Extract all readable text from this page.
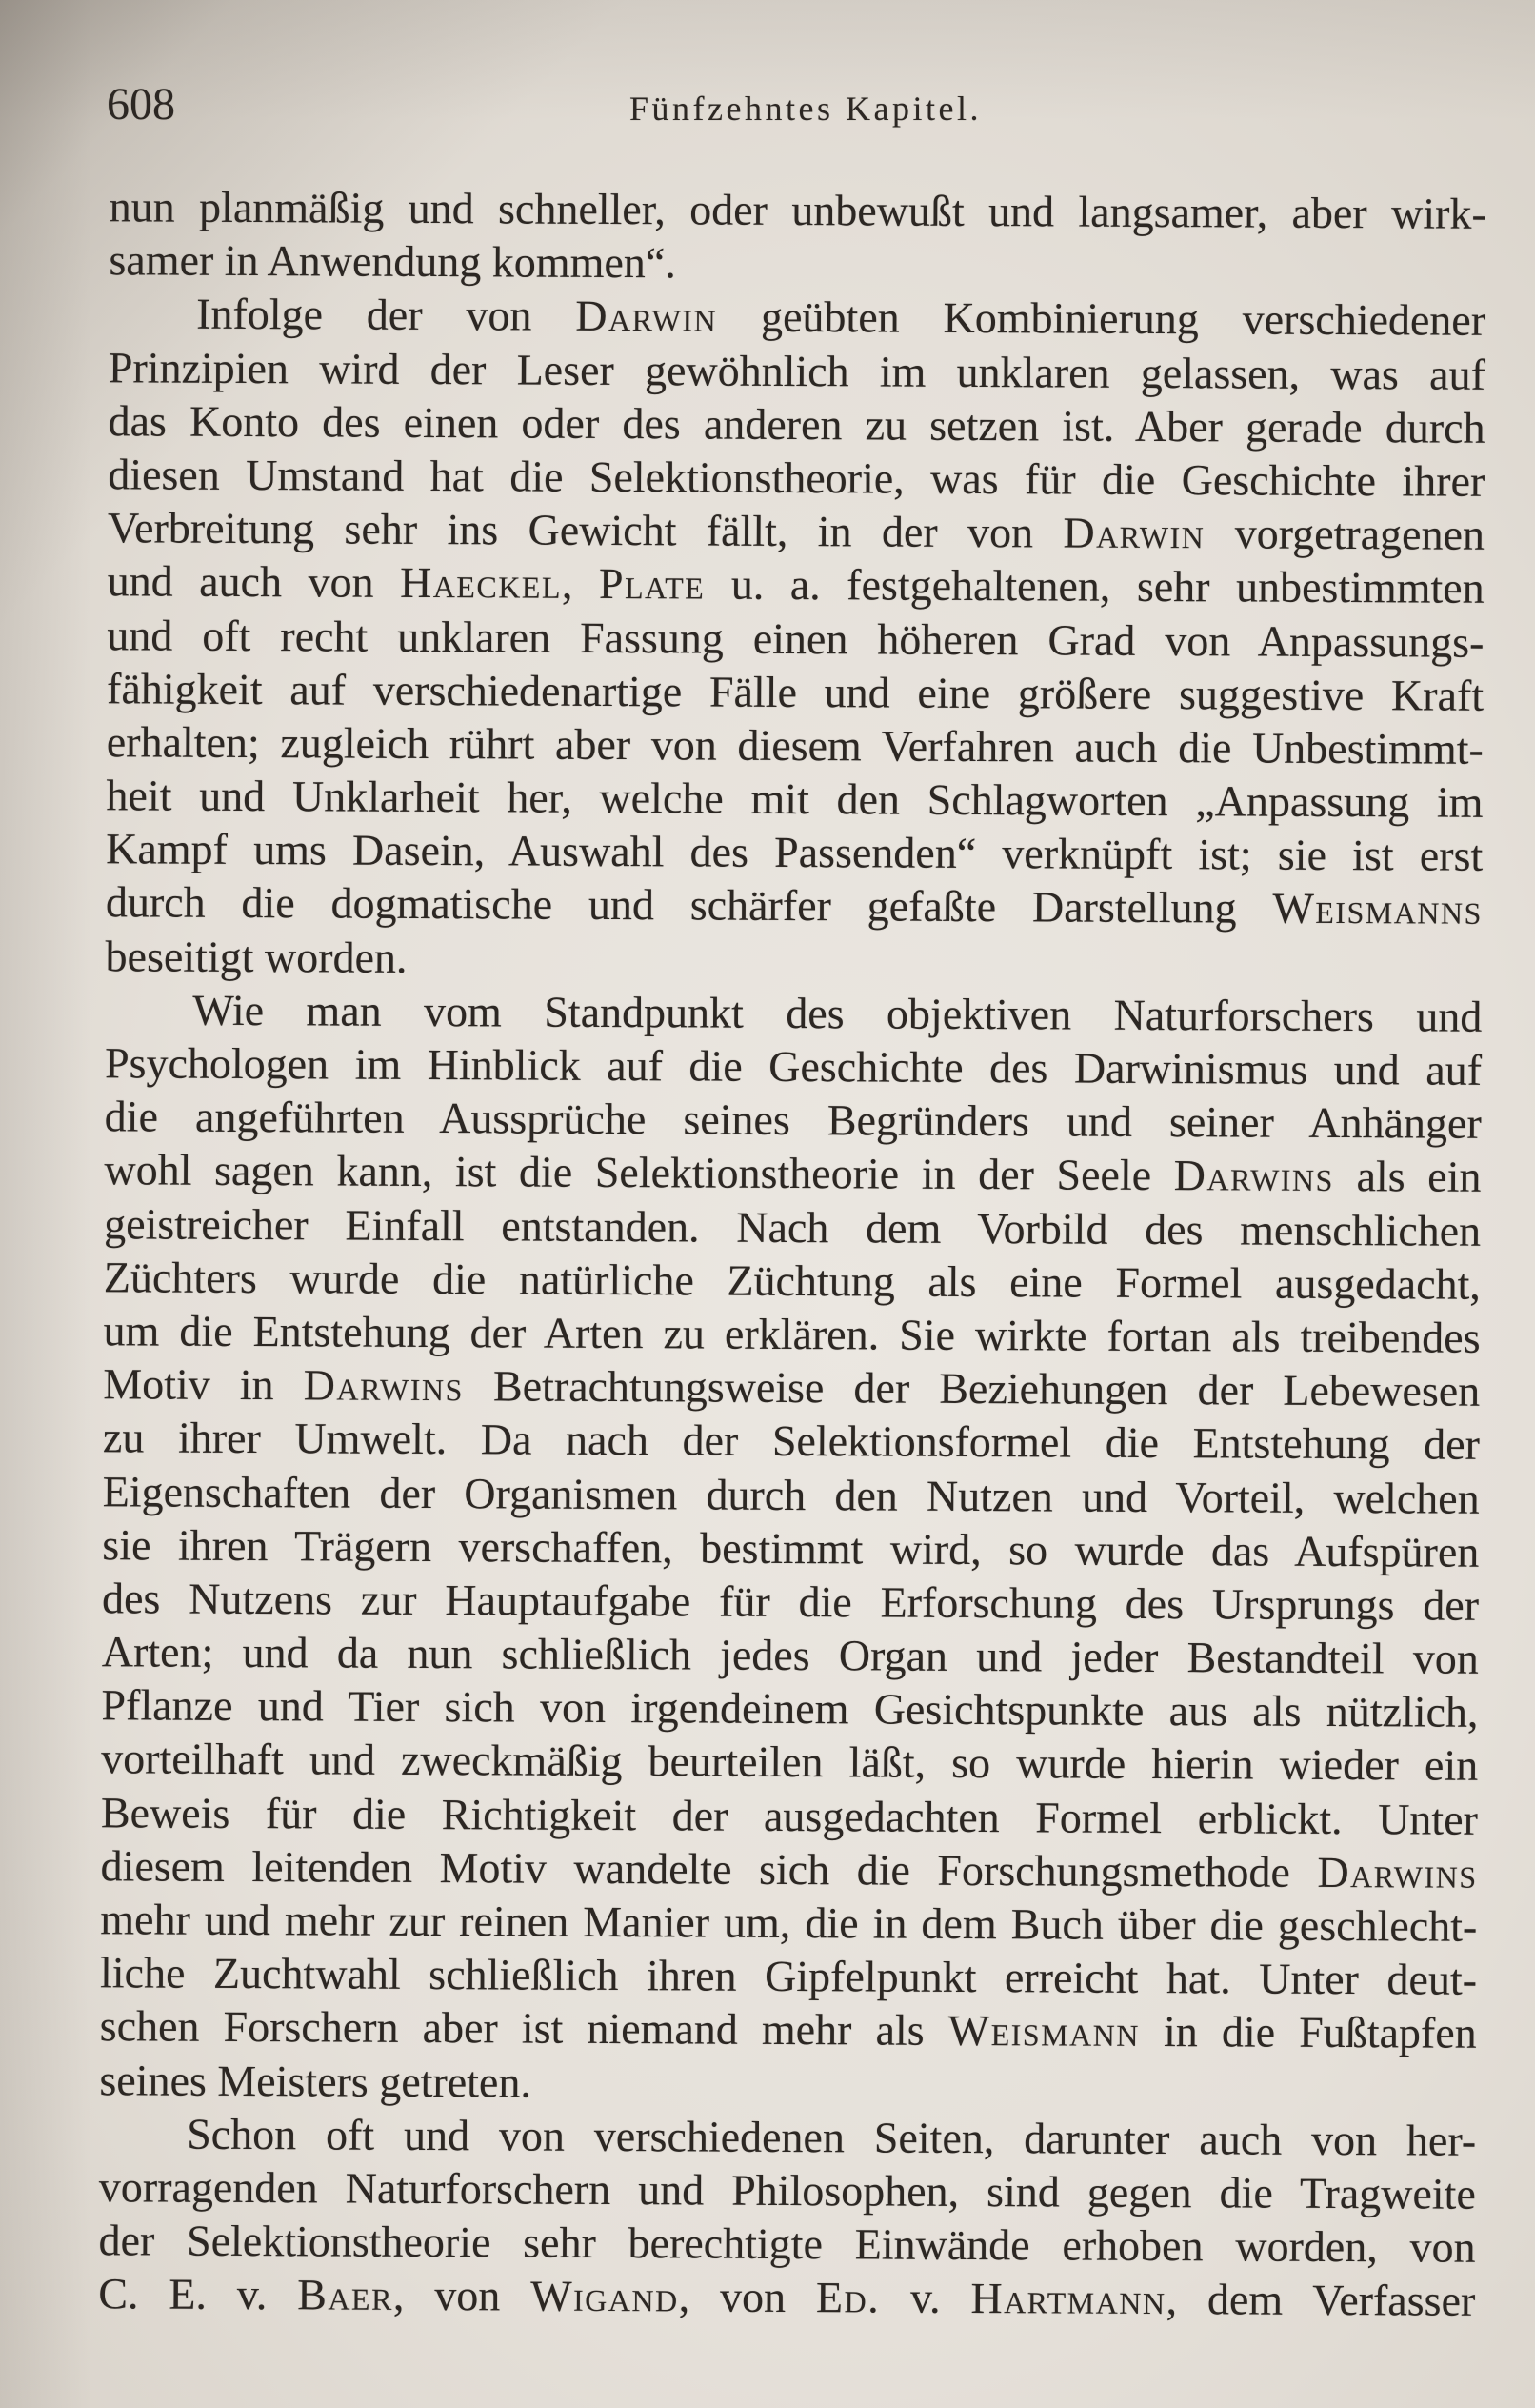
608	Fünfzehntes Kapitel.
nun planmäßig und schneller, oder unbewußt und langsamer, aber wirk-
samer in Anwendung kommen“.
Infolge der von Darwin geübten Kombinierung verschiedener
Prinzipien wird der Leser gewöhnlich im unklaren gelassen, was auf
das Konto des einen oder des anderen zu setzen ist. Aber gerade durch
diesen Umstand hat die Selektionstheorie, was für die Geschichte ihrer
Verbreitung sehr ins Gewicht fällt, in der von Darwin vorgetragenen
und auch von Haeckel, Plate u. a. festgehaltenen, sehr unbestimmten
und oft recht unklaren Fassung einen höheren Grad von Anpassungs-
fähigkeit auf verschiedenartige Fälle und eine größere suggestive Kraft
erhalten; zugleich rührt aber von diesem Verfahren auch die Unbestimmt-
heit und Unklarheit her, welche mit den Schlagworten „Anpassung im
Kampf ums Dasein, Auswahl des Passenden“ verknüpft ist; sie ist erst
durch die dogmatische und schärfer gefaßte Darstellung Weismanns
beseitigt worden.
Wie man vom Standpunkt des objektiven Naturforschers und
Psychologen im Hinblick auf die Geschichte des Darwinismus und auf
die angeführten Aussprüche seines Begründers und seiner Anhänger
wohl sagen kann, ist die Selektionstheorie in der Seele Darwins als ein
geistreicher Einfall entstanden. Nach dem Vorbild des menschlichen
Züchters wurde die natürliche Züchtung als eine Formel ausgedacht,
um die Entstehung der Arten zu erklären. Sie wirkte fortan als treibendes
Motiv in Darwins Betrachtungsweise der Beziehungen der Lebewesen
zu ihrer Umwelt. Da nach der Selektionsformel die Entstehung der
Eigenschaften der Organismen durch den Nutzen und Vorteil, welchen
sie ihren Trägern verschaffen, bestimmt wird, so wurde das Aufspüren
des Nutzens zur Hauptaufgabe für die Erforschung des Ursprungs der
Arten; und da nun schließlich jedes Organ und jeder Bestandteil von
Pflanze und Tier sich von irgendeinem Gesichtspunkte aus als nützlich,
vorteilhaft und zweckmäßig beurteilen läßt, so wurde hierin wieder ein
Beweis für die Richtigkeit der ausgedachten Formel erblickt. Unter
diesem leitenden Motiv wandelte sich die Forschungsmethode Darwins
mehr und mehr zur reinen Manier um, die in dem Buch über die geschlecht-
liche Zuchtwahl schließlich ihren Gipfelpunkt erreicht hat. Unter deut-
schen Forschern aber ist niemand mehr als Weismann in die Fußtapfen
seines Meisters getreten.
Schon oft und von verschiedenen Seiten, darunter auch von her-
vorragenden Naturforschern und Philosophen, sind gegen die Tragweite
der Selektionstheorie sehr berechtigte Einwände erhoben worden, von
C. E. v. Baer, von Wigand, von Ed. v. Hartmann, dem Verfasser
